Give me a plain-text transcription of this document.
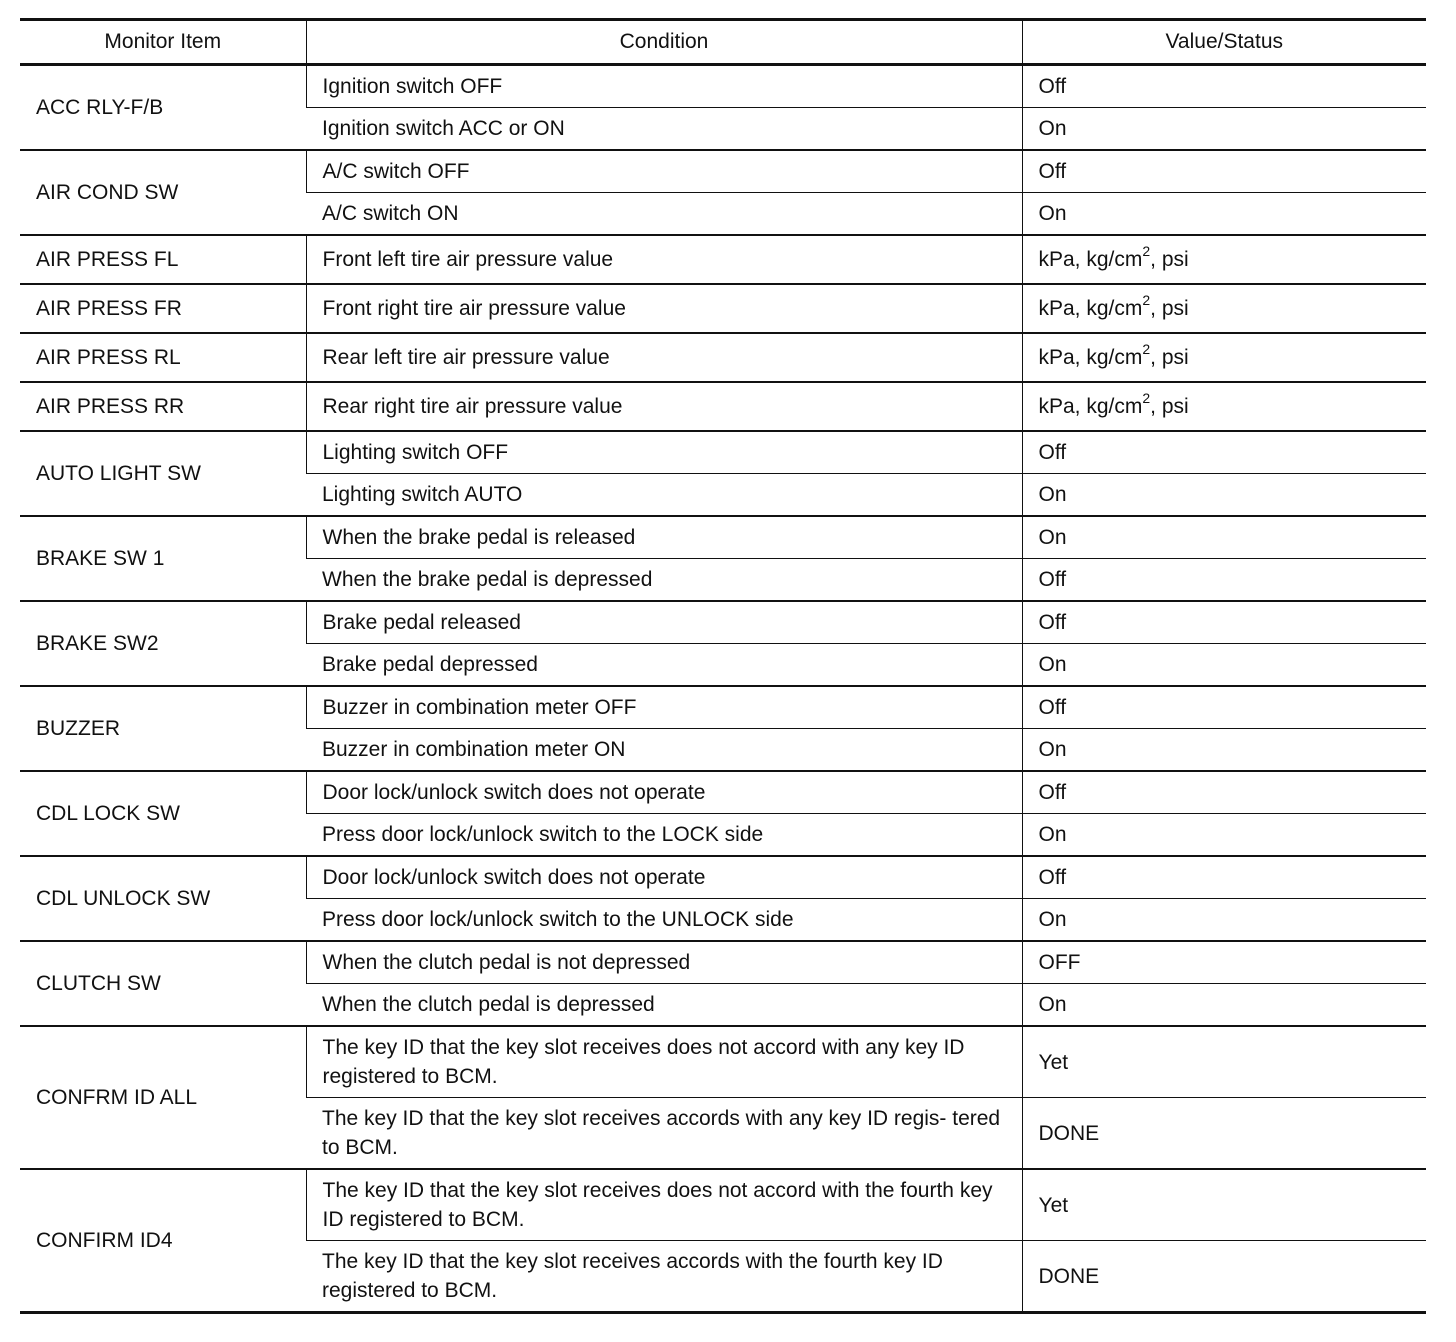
Monitor Item	Condition	Value/Status
ACC RLY-F/B	Ignition switch OFF	Off
	Ignition switch ACC or ON	On
AIR COND SW	A/C switch OFF	Off
	A/C switch ON	On
AIR PRESS FL	Front left tire air pressure value	kPa, $kg/cm^2$, psi
AIR PRESS FR	Front right tire air pressure value	kPa, $kg/cm^2$, psi
AIR PRESS RL	Rear left tire air pressure value	kPa, $kg/cm^2$, psi
AIR PRESS RR	Rear right tire air pressure value	kPa, $kg/cm^2$, psi
AUTO LIGHT SW	Lighting switch OFF	Off
	Lighting switch AUTO	On
BRAKE SW 1	When the brake pedal is released	On
	When the brake pedal is depressed	Off
BRAKE SW2	Brake pedal released	Off
	Brake pedal depressed	On
BUZZER	Buzzer in combination meter OFF	Off
	Buzzer in combination meter ON	On
CDL LOCK SW	Door lock/unlock switch does not operate	Off
	Press door lock/unlock switch to the LOCK side	On
CDL UNLOCK SW	Door lock/unlock switch does not operate	Off
	Press door lock/unlock switch to the UNLOCK side	On
CLUTCH SW	When the clutch pedal is not depressed	OFF
	When the clutch pedal is depressed	On
CONFRM ID ALL	The key ID that the key slot receives does not accord with any key ID registered to BCM.	Yet
	The key ID that the key slot receives accords with any key ID regis- tered to BCM.	DONE
CONFIRM ID4	The key ID that the key slot receives does not accord with the fourth key ID registered to BCM.	Yet
	The key ID that the key slot receives accords with the fourth key ID registered to BCM.	DONE
